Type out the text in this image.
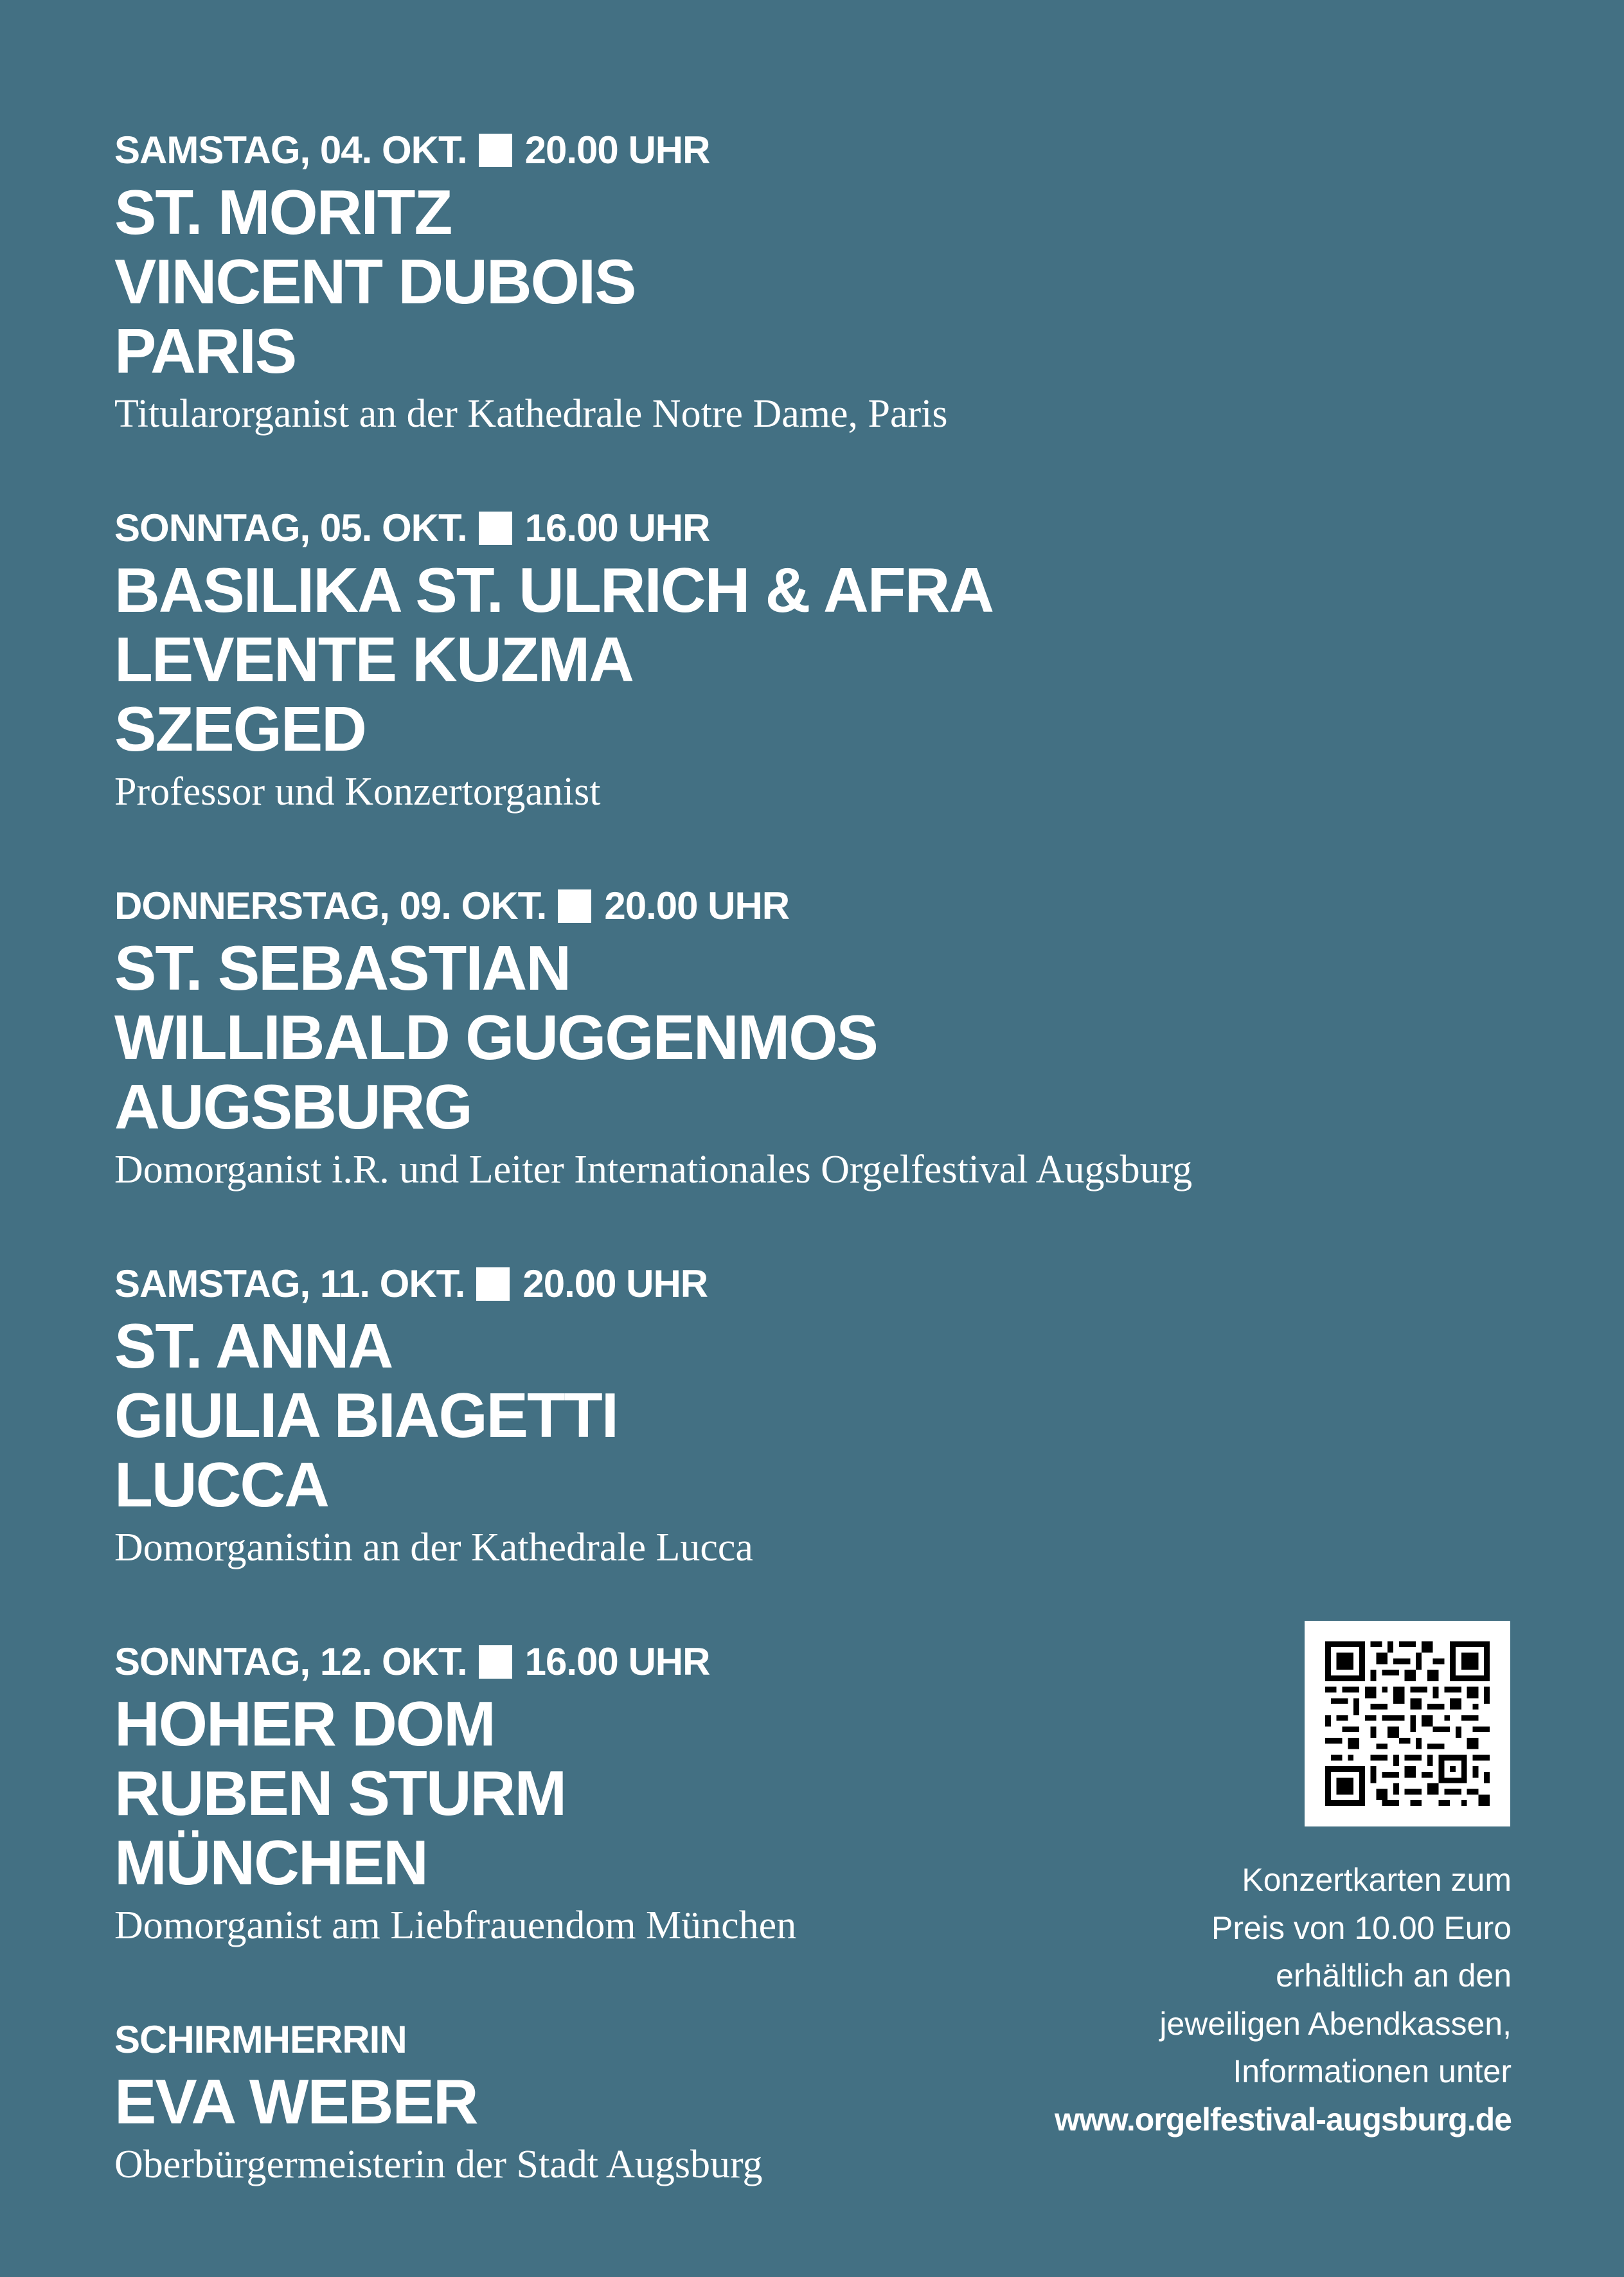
SAMSTAG, 04. OKT. 20.00 UHR
ST. MORITZ
VINCENT DUBOIS
PARIS
Titularorganist an der Kathedrale Notre Dame, Paris
SONNTAG, 05. OKT. 16.00 UHR
BASILIKA ST. ULRICH & AFRA
LEVENTE KUZMA
SZEGED
Professor und Konzertorganist
DONNERSTAG, 09. OKT. 20.00 UHR
ST. SEBASTIAN
WILLIBALD GUGGENMOS
AUGSBURG
Domorganist i.R. und Leiter Internationales Orgelfestival Augsburg
SAMSTAG, 11. OKT. 20.00 UHR
ST. ANNA
GIULIA BIAGETTI
LUCCA
Domorganistin an der Kathedrale Lucca
SONNTAG, 12. OKT. 16.00 UHR
HOHER DOM
RUBEN STURM
MÜNCHEN
Domorganist am Liebfrauendom München
SCHIRMHERRIN
EVA WEBER
Oberbürgermeisterin der Stadt Augsburg
Konzertkarten zum
Preis von 10.00 Euro
erhältlich an den
jeweiligen Abendkassen,
Informationen unter
www.orgelfestival-augsburg.de
